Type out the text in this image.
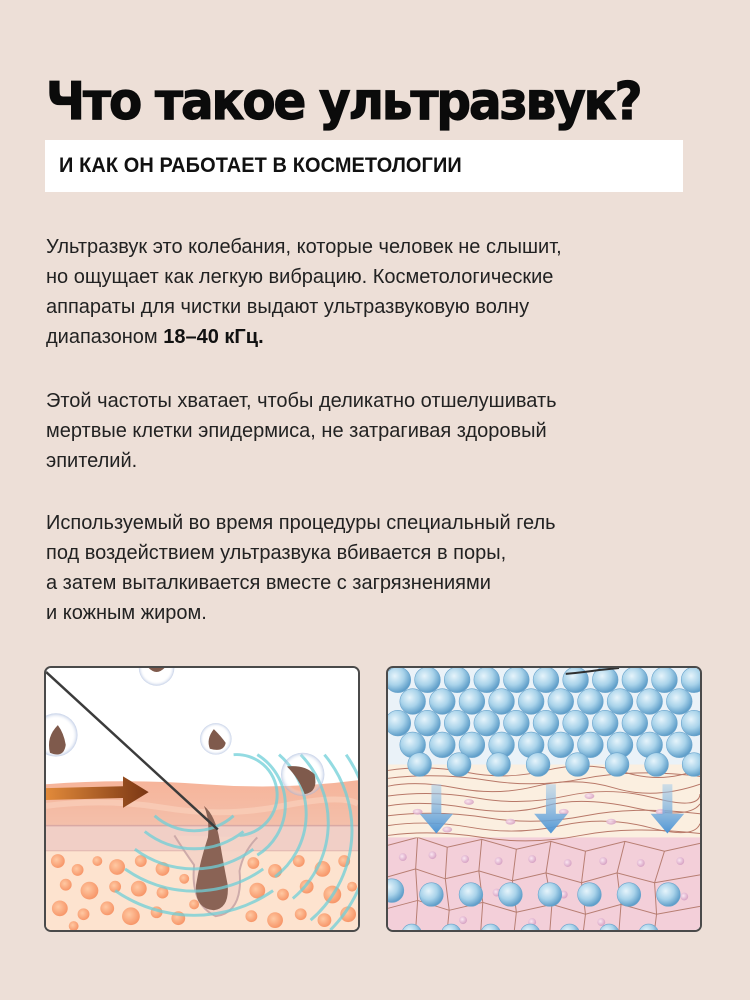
Что такое ультразвук?
И КАК ОН РАБОТАЕТ В КОСМЕТОЛОГИИ

Ультразвук это колебания, которые человек не слышит,
но ощущает как легкую вибрацию. Косметологические
аппараты для чистки выдают ультразвуковую волну
диапазоном 18–40 кГц.

Этой частоты хватает, чтобы деликатно отшелушивать
мертвые клетки эпидермиса, не затрагивая здоровый
эпителий.

Используемый во время процедуры специальный гель
под воздействием ультразвука вбивается в поры,
а затем выталкивается вместе с загрязнениями
и кожным жиром.
